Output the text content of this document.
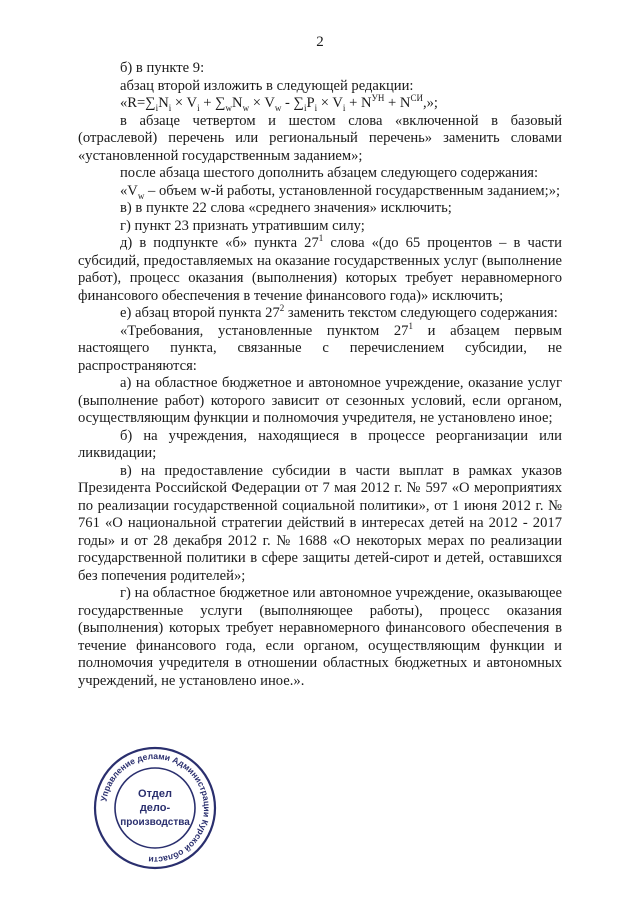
2

б) в пункте 9:

абзац второй изложить в следующей редакции:

«$R=\sum_iN_i \times V_i + \sum_wN_w \times V_w - \sum_iP_i \times V_i + N^{УН} + N^{СИ}$,»;

в абзаце четвертом и шестом слова «включенной в базовый (отраслевой) перечень или региональный перечень» заменить словами «установленной государственным заданием»;

после абзаца шестого дополнить абзацем следующего содержания:

«$V_w$ – объем w-й работы, установленной государственным заданием;»;

в) в пункте 22 слова «среднего значения» исключить;

г) пункт 23 признать утратившим силу;

д) в подпункте «б» пункта 27$^1$ слова «(до 65 процентов – в части субсидий, предоставляемых на оказание государственных услуг (выполнение работ), процесс оказания (выполнения) которых требует неравномерного финансового обеспечения в течение финансового года)» исключить;

е) абзац второй пункта 27$^2$ заменить текстом следующего содержания:

«Требования, установленные пунктом 27$^1$ и абзацем первым настоящего пункта, связанные с перечислением субсидии, не распространяются:

а) на областное бюджетное и автономное учреждение, оказание услуг (выполнение работ) которого зависит от сезонных условий, если органом, осуществляющим функции и полномочия учредителя, не установлено иное;

б) на учреждения, находящиеся в процессе реорганизации или ликвидации;

в) на предоставление субсидии в части выплат в рамках указов Президента Российской Федерации от 7 мая 2012 г. № 597 «О мероприятиях по реализации государственной социальной политики», от 1 июня 2012 г. № 761 «О национальной стратегии действий в интересах детей на 2012 - 2017 годы» и от 28 декабря 2012 г. № 1688 «О некоторых мерах по реализации государственной политики в сфере защиты детей-сирот и детей, оставшихся без попечения родителей»;

г) на областное бюджетное или автономное учреждение, оказывающее государственные услуги (выполняющее работы), процесс оказания (выполнения) которых требует неравномерного финансового обеспечения в течение финансового года, если органом, осуществляющим функции и полномочия учредителя в отношении областных бюджетных и автономных учреждений, не установлено иное.».

Управление делами Администрации Курской области
Отдел
дело-
производства
